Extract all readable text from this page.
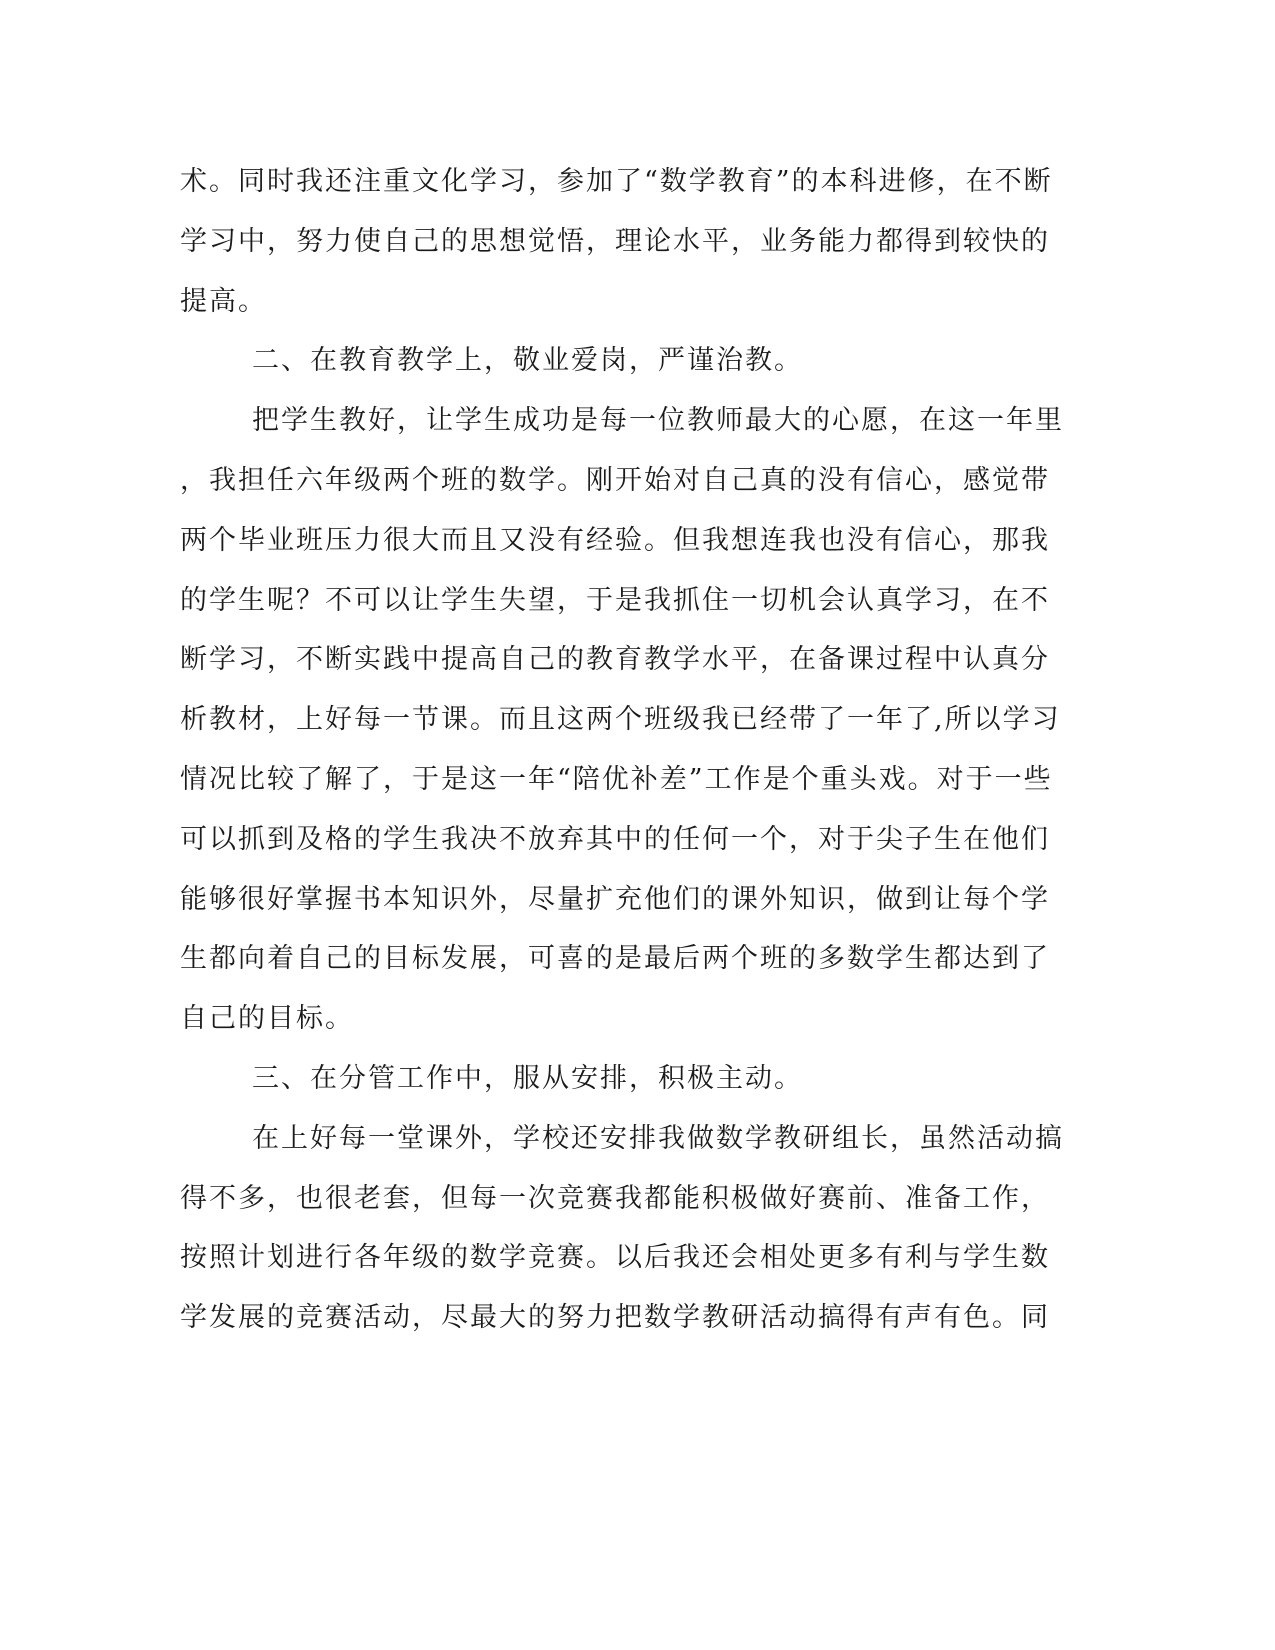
术。同时我还注重文化学习，参加了“数学教育”的本科进修，在不断
学习中，努力使自己的思想觉悟，理论水平，业务能力都得到较快的
提高。
二、在教育教学上，敬业爱岗，严谨治教。
把学生教好，让学生成功是每一位教师最大的心愿，在这一年里
，我担任六年级两个班的数学。刚开始对自己真的没有信心，感觉带
两个毕业班压力很大而且又没有经验。但我想连我也没有信心，那我
的学生呢？不可以让学生失望，于是我抓住一切机会认真学习，在不
断学习，不断实践中提高自己的教育教学水平，在备课过程中认真分
析教材，上好每一节课。而且这两个班级我已经带了一年了,所以学习
情况比较了解了，于是这一年“陪优补差”工作是个重头戏。对于一些
可以抓到及格的学生我决不放弃其中的任何一个，对于尖子生在他们
能够很好掌握书本知识外，尽量扩充他们的课外知识，做到让每个学
生都向着自己的目标发展，可喜的是最后两个班的多数学生都达到了
自己的目标。
三、在分管工作中，服从安排，积极主动。
在上好每一堂课外，学校还安排我做数学教研组长，虽然活动搞
得不多，也很老套，但每一次竞赛我都能积极做好赛前、准备工作，
按照计划进行各年级的数学竞赛。以后我还会相处更多有利与学生数
学发展的竞赛活动，尽最大的努力把数学教研活动搞得有声有色。同
